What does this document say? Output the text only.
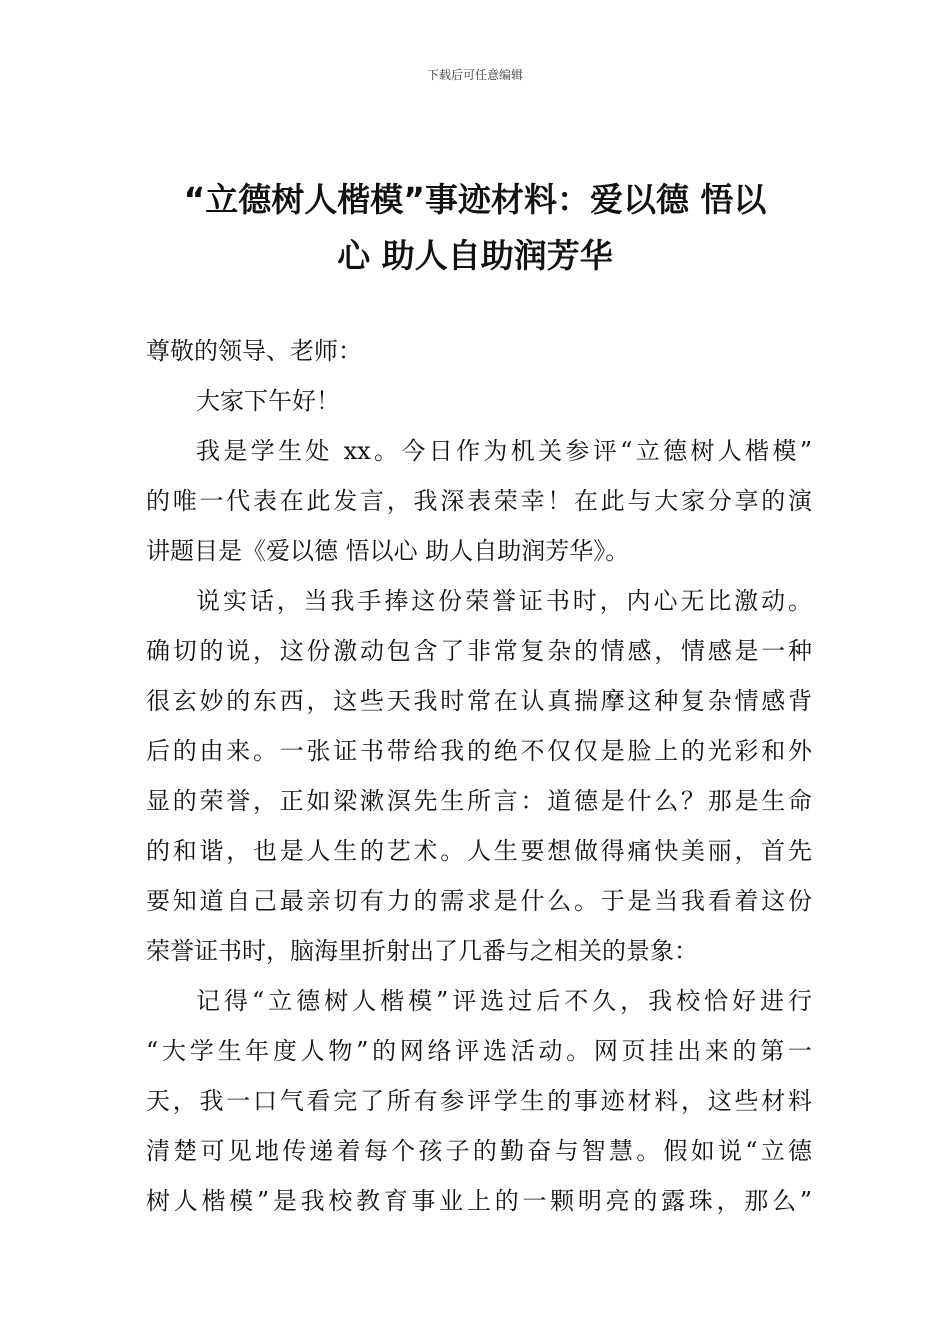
下载后可任意编辑
“立德树人楷模”事迹材料：爱以德 悟以
心 助人自助润芳华
尊敬的领导、老师：
大家下午好！
我是学生处 xx。今日作为机关参评“立德树人楷模”
的唯一代表在此发言，我深表荣幸！在此与大家分享的演
讲题目是《爱以德 悟以心 助人自助润芳华》。
说实话，当我手捧这份荣誉证书时，内心无比激动。
确切的说，这份激动包含了非常复杂的情感，情感是一种
很玄妙的东西，这些天我时常在认真揣摩这种复杂情感背
后的由来。一张证书带给我的绝不仅仅是脸上的光彩和外
显的荣誉，正如梁漱溟先生所言：道德是什么？那是生命
的和谐，也是人生的艺术。人生要想做得痛快美丽，首先
要知道自己最亲切有力的需求是什么。于是当我看着这份
荣誉证书时，脑海里折射出了几番与之相关的景象：
记得“立德树人楷模”评选过后不久，我校恰好进行
“大学生年度人物”的网络评选活动。网页挂出来的第一
天，我一口气看完了所有参评学生的事迹材料，这些材料
清楚可见地传递着每个孩子的勤奋与智慧。假如说“立德
树人楷模”是我校教育事业上的一颗明亮的露珠，那么”
